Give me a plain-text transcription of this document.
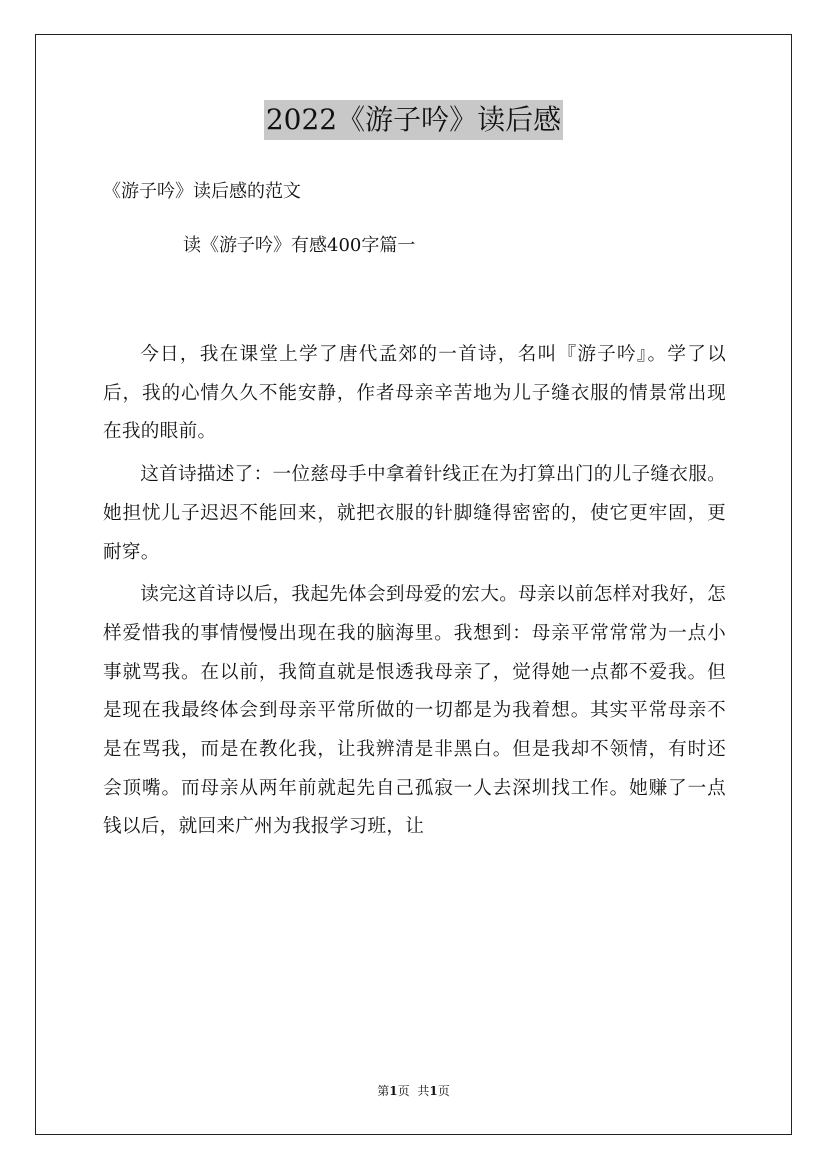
2022《游子吟》读后感
《游子吟》读后感的范文
读《游子吟》有感400字篇一

今日，我在课堂上学了唐代孟郊的一首诗，名叫『游子吟』。学了以后，我的心情久久不能安静，作者母亲辛苦地为儿子缝衣服的情景常出现在我的眼前。

这首诗描述了：一位慈母手中拿着针线正在为打算出门的儿子缝衣服。她担忧儿子迟迟不能回来，就把衣服的针脚缝得密密的，使它更牢固，更耐穿。

读完这首诗以后，我起先体会到母爱的宏大。母亲以前怎样对我好，怎样爱惜我的事情慢慢出现在我的脑海里。我想到：母亲平常常常为一点小事就骂我。在以前，我简直就是恨透我母亲了，觉得她一点都不爱我。但是现在我最终体会到母亲平常所做的一切都是为我着想。其实平常母亲不是在骂我，而是在教化我，让我辨清是非黑白。但是我却不领情，有时还会顶嘴。而母亲从两年前就起先自己孤寂一人去深圳找工作。她赚了一点钱以后，就回来广州为我报学习班，让

第1页 共1页
